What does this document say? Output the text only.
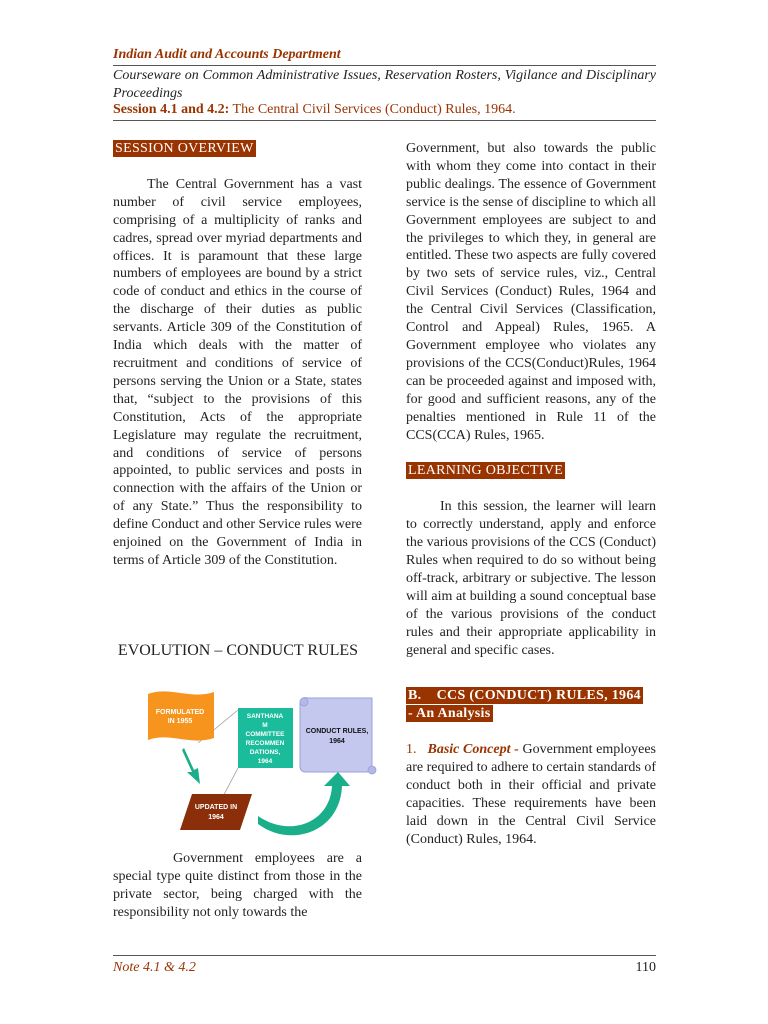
Indian Audit and Accounts Department
Courseware on Common Administrative Issues, Reservation Rosters, Vigilance and Disciplinary Proceedings
Session 4.1 and 4.2: The Central Civil Services (Conduct) Rules, 1964.
SESSION OVERVIEW

The Central Government has a vast number of civil service employees, comprising of a multiplicity of ranks and cadres, spread over myriad departments and offices. It is paramount that these large numbers of employees are bound by a strict code of conduct and ethics in the course of the discharge of their duties as public servants. Article 309 of the Constitution of India which deals with the matter of recruitment and conditions of service of persons serving the Union or a State, states that, “subject to the provisions of this Constitution, Acts of the appropriate Legislature may regulate the recruitment, and conditions of service of persons appointed, to public services and posts in connection with the affairs of the Union or of any State.” Thus the responsibility to define Conduct and other Service rules were enjoined on the Government of India in terms of Article 309 of the Constitution.

EVOLUTION – CONDUCT RULES
FORMULATED
IN 1955
SANTHANA
M
COMMITTEE
RECOMMEN
DATIONS,
1964
CONDUCT RULES,
1964
UPDATED IN
1964

Government employees are a special type quite distinct from those in the private sector, being charged with the responsibility not only towards the

Government, but also towards the public with whom they come into contact in their public dealings. The essence of Government service is the sense of discipline to which all Government employees are subject to and the privileges to which they, in general are entitled. These two aspects are fully covered by two sets of service rules, viz., Central Civil Services (Conduct) Rules, 1964 and the Central Civil Services (Classification, Control and Appeal) Rules, 1965. A Government employee who violates any provisions of the CCS(Conduct)Rules, 1964 can be proceeded against and imposed with, for good and sufficient reasons, any of the penalties mentioned in Rule 11 of the CCS(CCA) Rules, 1965.

LEARNING OBJECTIVE

In this session, the learner will learn to correctly understand, apply and enforce the various provisions of the CCS (Conduct) Rules when required to do so without being off-track, arbitrary or subjective. The lesson will aim at building a sound conceptual base of the various provisions of the conduct rules and their appropriate applicability in general and specific cases.

B.    CCS (CONDUCT) RULES, 1964
- An Analysis

1. Basic Concept - Government employees are required to adhere to certain standards of conduct both in their official and private capacities. These requirements have been laid down in the Central Civil Service (Conduct) Rules, 1964.

Note 4.1 & 4.2	110
